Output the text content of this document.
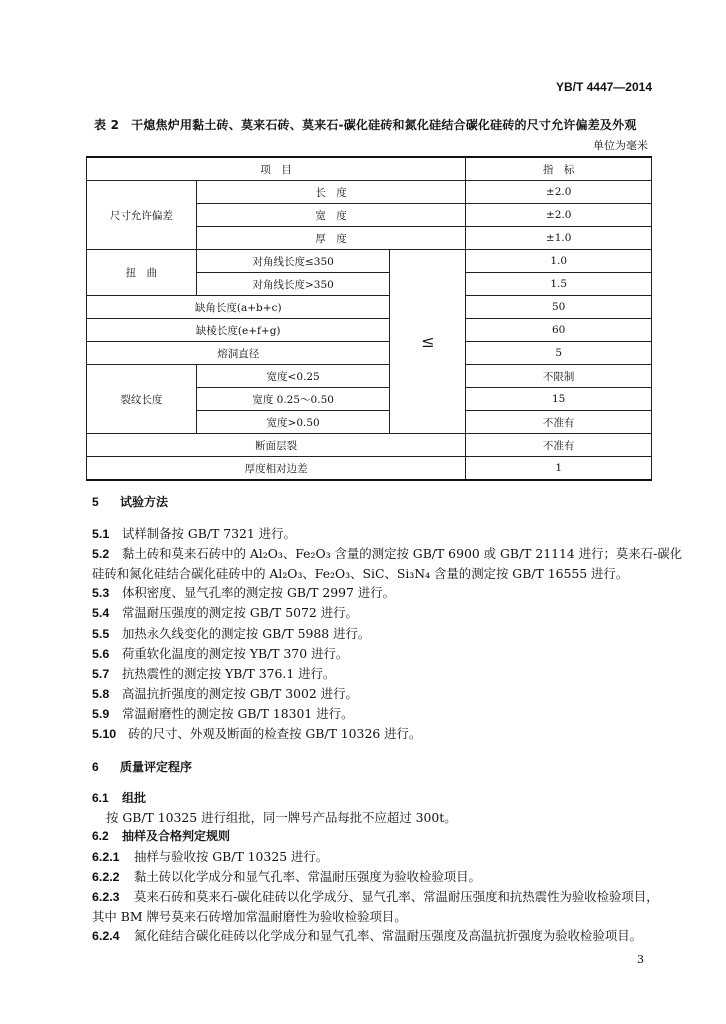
YB/T 4447—2014
表 2 干熄焦炉用黏土砖、莫来石砖、莫来石-碳化硅砖和氮化硅结合碳化硅砖的尺寸允许偏差及外观
单位为毫米
项　目			指　标
尺寸允许偏差	长　度		±2.0
	宽　度		±2.0
	厚　度		±1.0
扭　曲	对角线长度≤350	≤	1.0
	对角线长度>350		1.5
缺角长度(a+b+c)			50
缺棱长度(e+f+g)			60
熔洞直径			5
裂纹长度	宽度<0.25		不限制
	宽度 0.25～0.50		15
	宽度>0.50		不准有
断面层裂			不准有
厚度相对边差			1

5 试验方法

5.1 试样制备按 GB/T 7321 进行。

5.2 黏土砖和莫来石砖中的 Al₂O₃、Fe₂O₃ 含量的测定按 GB/T 6900 或 GB/T 21114 进行；莫来石-碳化

硅砖和氮化硅结合碳化硅砖中的 Al₂O₃、Fe₂O₃、SiC、Si₃N₄ 含量的测定按 GB/T 16555 进行。

5.3 体积密度、显气孔率的测定按 GB/T 2997 进行。

5.4 常温耐压强度的测定按 GB/T 5072 进行。

5.5 加热永久线变化的测定按 GB/T 5988 进行。

5.6 荷重软化温度的测定按 YB/T 370 进行。

5.7 抗热震性的测定按 YB/T 376.1 进行。

5.8 高温抗折强度的测定按 GB/T 3002 进行。

5.9 常温耐磨性的测定按 GB/T 18301 进行。

5.10 砖的尺寸、外观及断面的检查按 GB/T 10326 进行。

6 质量评定程序

6.1 组批

按 GB/T 10325 进行组批，同一牌号产品每批不应超过 300t。

6.2 抽样及合格判定规则

6.2.1 抽样与验收按 GB/T 10325 进行。

6.2.2 黏土砖以化学成分和显气孔率、常温耐压强度为验收检验项目。

6.2.3 莫来石砖和莫来石-碳化硅砖以化学成分、显气孔率、常温耐压强度和抗热震性为验收检验项目，

其中 BM 牌号莫来石砖增加常温耐磨性为验收检验项目。

6.2.4 氮化硅结合碳化硅砖以化学成分和显气孔率、常温耐压强度及高温抗折强度为验收检验项目。

3
